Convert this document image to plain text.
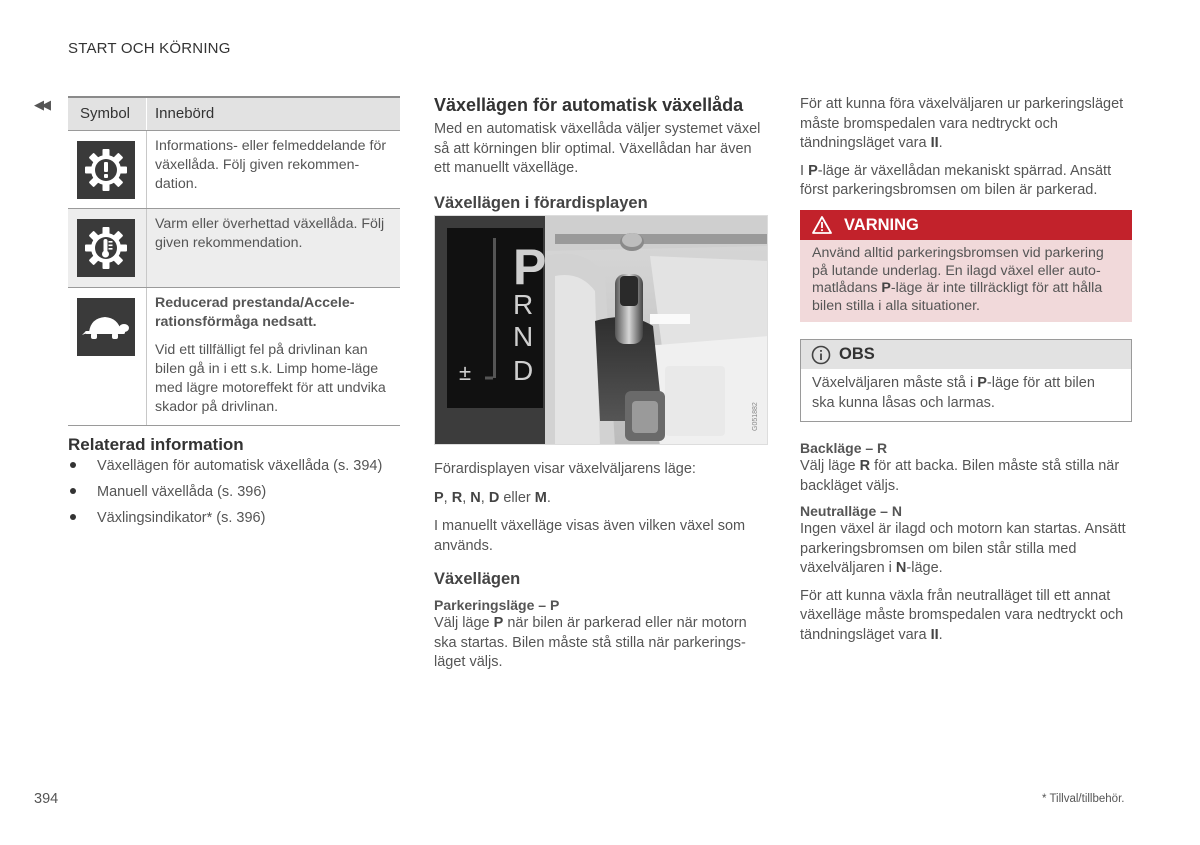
START OCH KÖRNING
◀◀
Symbol	Innebörd
Informations- eller felmeddelande för växellåda. Följ given rekommendation.
Varm eller överhettad växellåda. Följ given rekommendation.

Reducerad prestanda/Accelerationsförmåga nedsatt.

Vid ett tillfälligt fel på drivlinan kan bilen gå in i ett s.k. Limp home-läge med lägre motoreffekt för att undvika skador på drivlinan.

Relaterad information
Växellägen för automatisk växellåda (s. 394)
Manuell växellåda (s. 396)
Växlingsindikator* (s. 396)
Växellägen för automatisk växellåda

Med en automatisk växellåda väljer systemet växel så att körningen blir optimal. Växellådan har även ett manuellt växelläge.

Växellägen i förardisplayen
P
R
N
D
±
G051882

Förardisplayen visar växelväljarens läge:

P, R, N, D eller M.

I manuellt växelläge visas även vilken växel som används.

Växellägen
Parkeringsläge – P

Välj läge P när bilen är parkerad eller när motorn ska startas. Bilen måste stå stilla när parkeringsläget väljs.

För att kunna föra växelväljaren ur parkeringsläget måste bromspedalen vara nedtryckt och tändningsläget vara II.

I P-läge är växellådan mekaniskt spärrad. Ansätt först parkeringsbromsen om bilen är parkerad.

VARNING

Använd alltid parkeringsbromsen vid parkering på lutande underlag. En ilagd växel eller automatlådans P-läge är inte tillräckligt för att hålla bilen stilla i alla situationer.

OBS

Växelväljaren måste stå i P-läge för att bilen ska kunna låsas och larmas.

Backläge – R

Välj läge R för att backa. Bilen måste stå stilla när backläget väljs.

Neutralläge – N

Ingen växel är ilagd och motorn kan startas. Ansätt parkeringsbromsen om bilen står stilla med växelväljaren i N-läge.

För att kunna växla från neutralläget till ett annat växelläge måste bromspedalen vara nedtryckt och tändningsläget vara II.

394	* Tillval/tillbehör.
